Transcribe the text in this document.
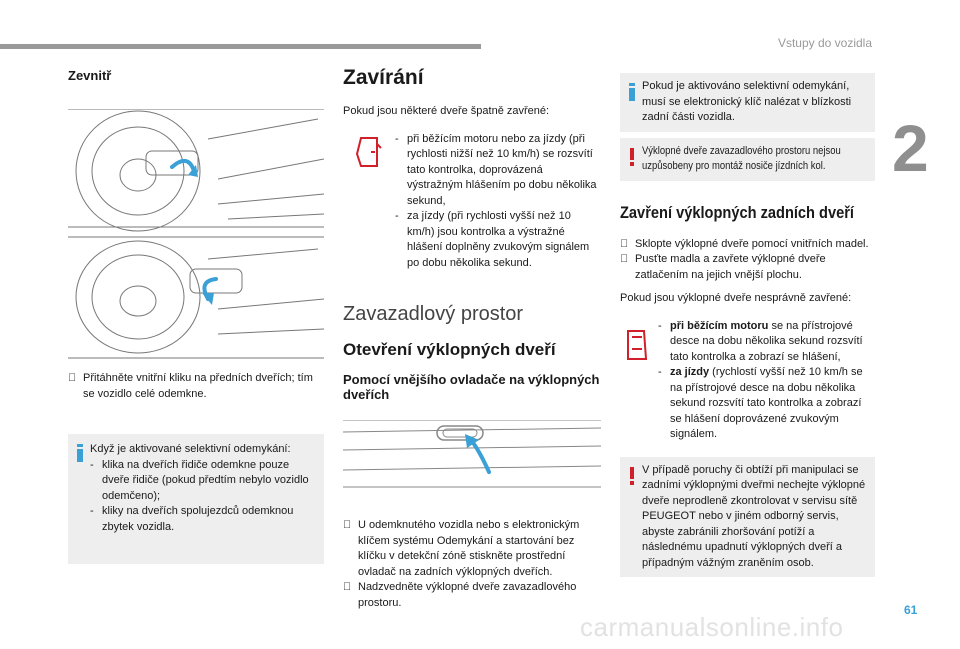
Vstupy do vozidla
2
61
carmanualsonline.info
Zevnitř
Přitáhněte vnitřní kliku na předních dveřích; tím se vozidlo celé odemkne.

Když je aktivované selektivní odemykání:

- klika na dveřích řidiče odemkne pouze dveře řidiče (pokud předtím nebylo vozidlo odemčeno);
- kliky na dveřích spolujezdců odemknou zbytek vozidla.
Zavírání

Pokud jsou některé dveře špatně zavřené:

- při běžícím motoru nebo za jízdy (při rychlosti nižší než 10 km/h) se rozsvítí tato kontrolka, doprovázená výstražným hlášením po dobu několika sekund,
- za jízdy (při rychlosti vyšší než 10 km/h) jsou kontrolka a výstražné hlášení doplněny zvukovým signálem po dobu několika sekund.
Zavazadlový prostor
Otevření výklopných dveří
Pomocí vnějšího ovladače na výklopných dveřích
U odemknutého vozidla nebo s elektronickým klíčem systému Odemykání a startování bez klíčku v detekční zóně stiskněte prostřední ovladač na zadních výklopných dveřích.
Nadzvedněte výklopné dveře zavazadlového prostoru.

Pokud je aktivováno selektivní odemykání, musí se elektronický klíč nalézat v blízkosti zadní části vozidla.

Výklopné dveře zavazadlového prostoru nejsou uzpůsobeny pro montáž nosiče jízdních kol.

Zavření výklopných zadních dveří
Sklopte výklopné dveře pomocí vnitřních madel.
Pusťte madla a zavřete výklopné dveře zatlačením na jejich vnější plochu.

Pokud jsou výklopné dveře nesprávně zavřené:

- při běžícím motoru se na přístrojové desce na dobu několika sekund rozsvítí tato kontrolka a zobrazí se hlášení,
- za jízdy (rychlostí vyšší než 10 km/h se na přístrojové desce na dobu několika sekund rozsvítí tato kontrolka a zobrazí se hlášení doprovázené zvukovým signálem.

V případě poruchy či obtíží při manipulaci se zadními výklopnými dveřmi nechejte výklopné dveře neprodleně zkontrolovat v servisu sítě PEUGEOT nebo v jiném odborný servis, abyste zabránili zhoršování potíží a následnému upadnutí výklopných dveří a případným vážným zraněním osob.
